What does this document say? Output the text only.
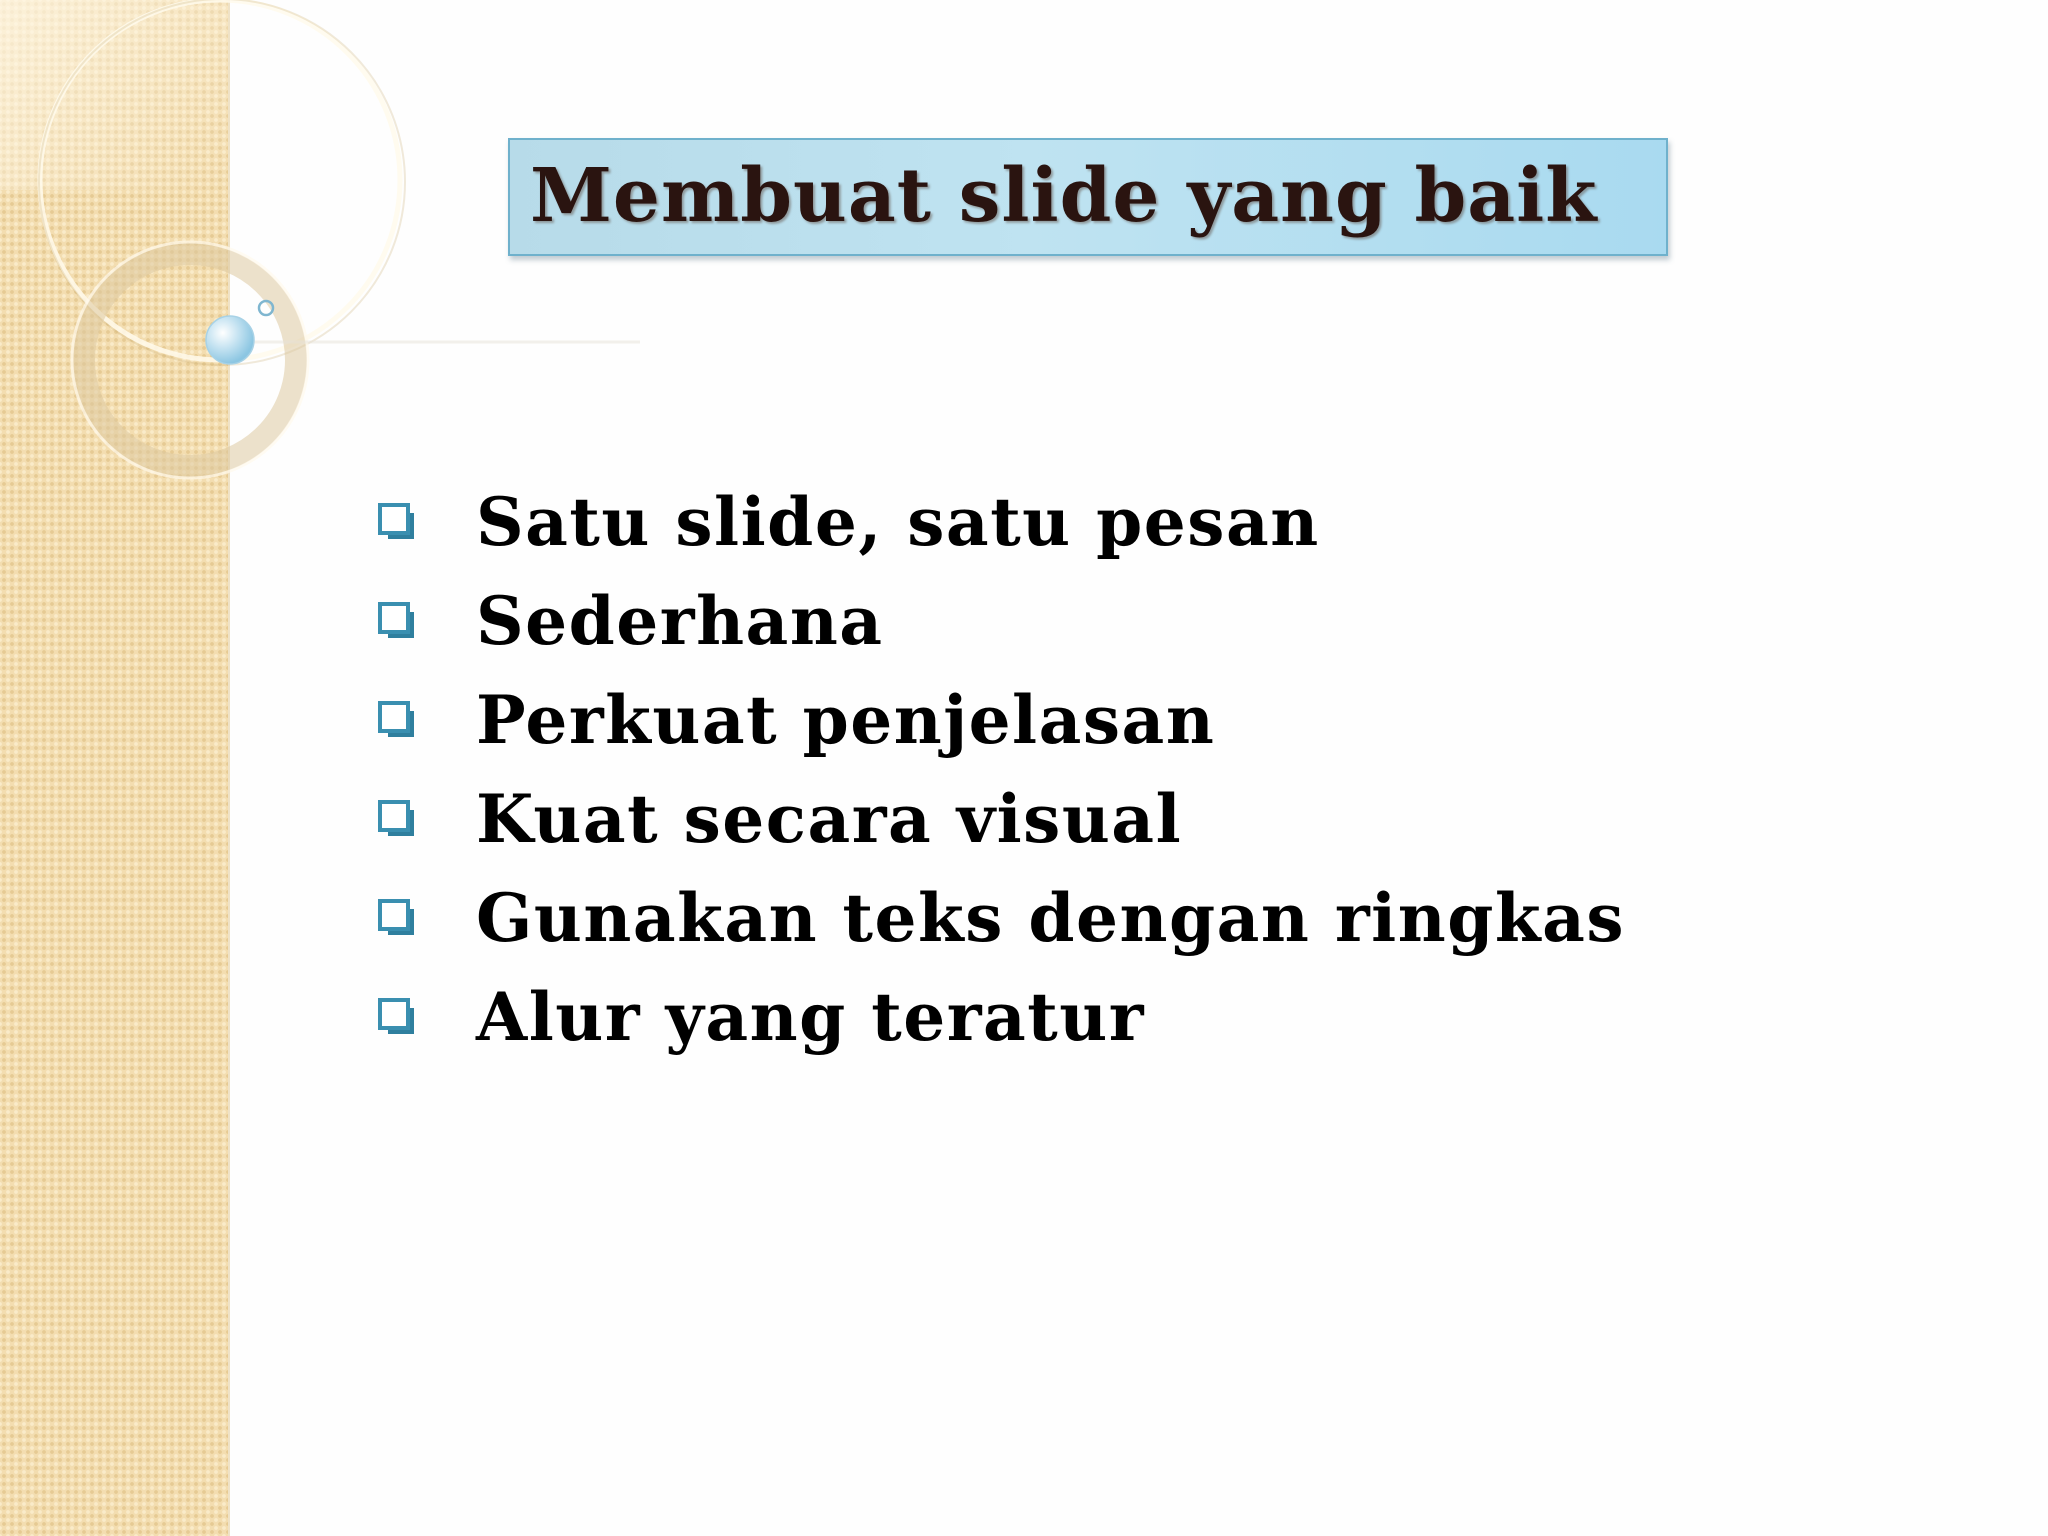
Membuat slide yang baik
Satu slide, satu pesan
Sederhana
Perkuat penjelasan
Kuat secara visual
Gunakan teks dengan ringkas
Alur yang teratur
